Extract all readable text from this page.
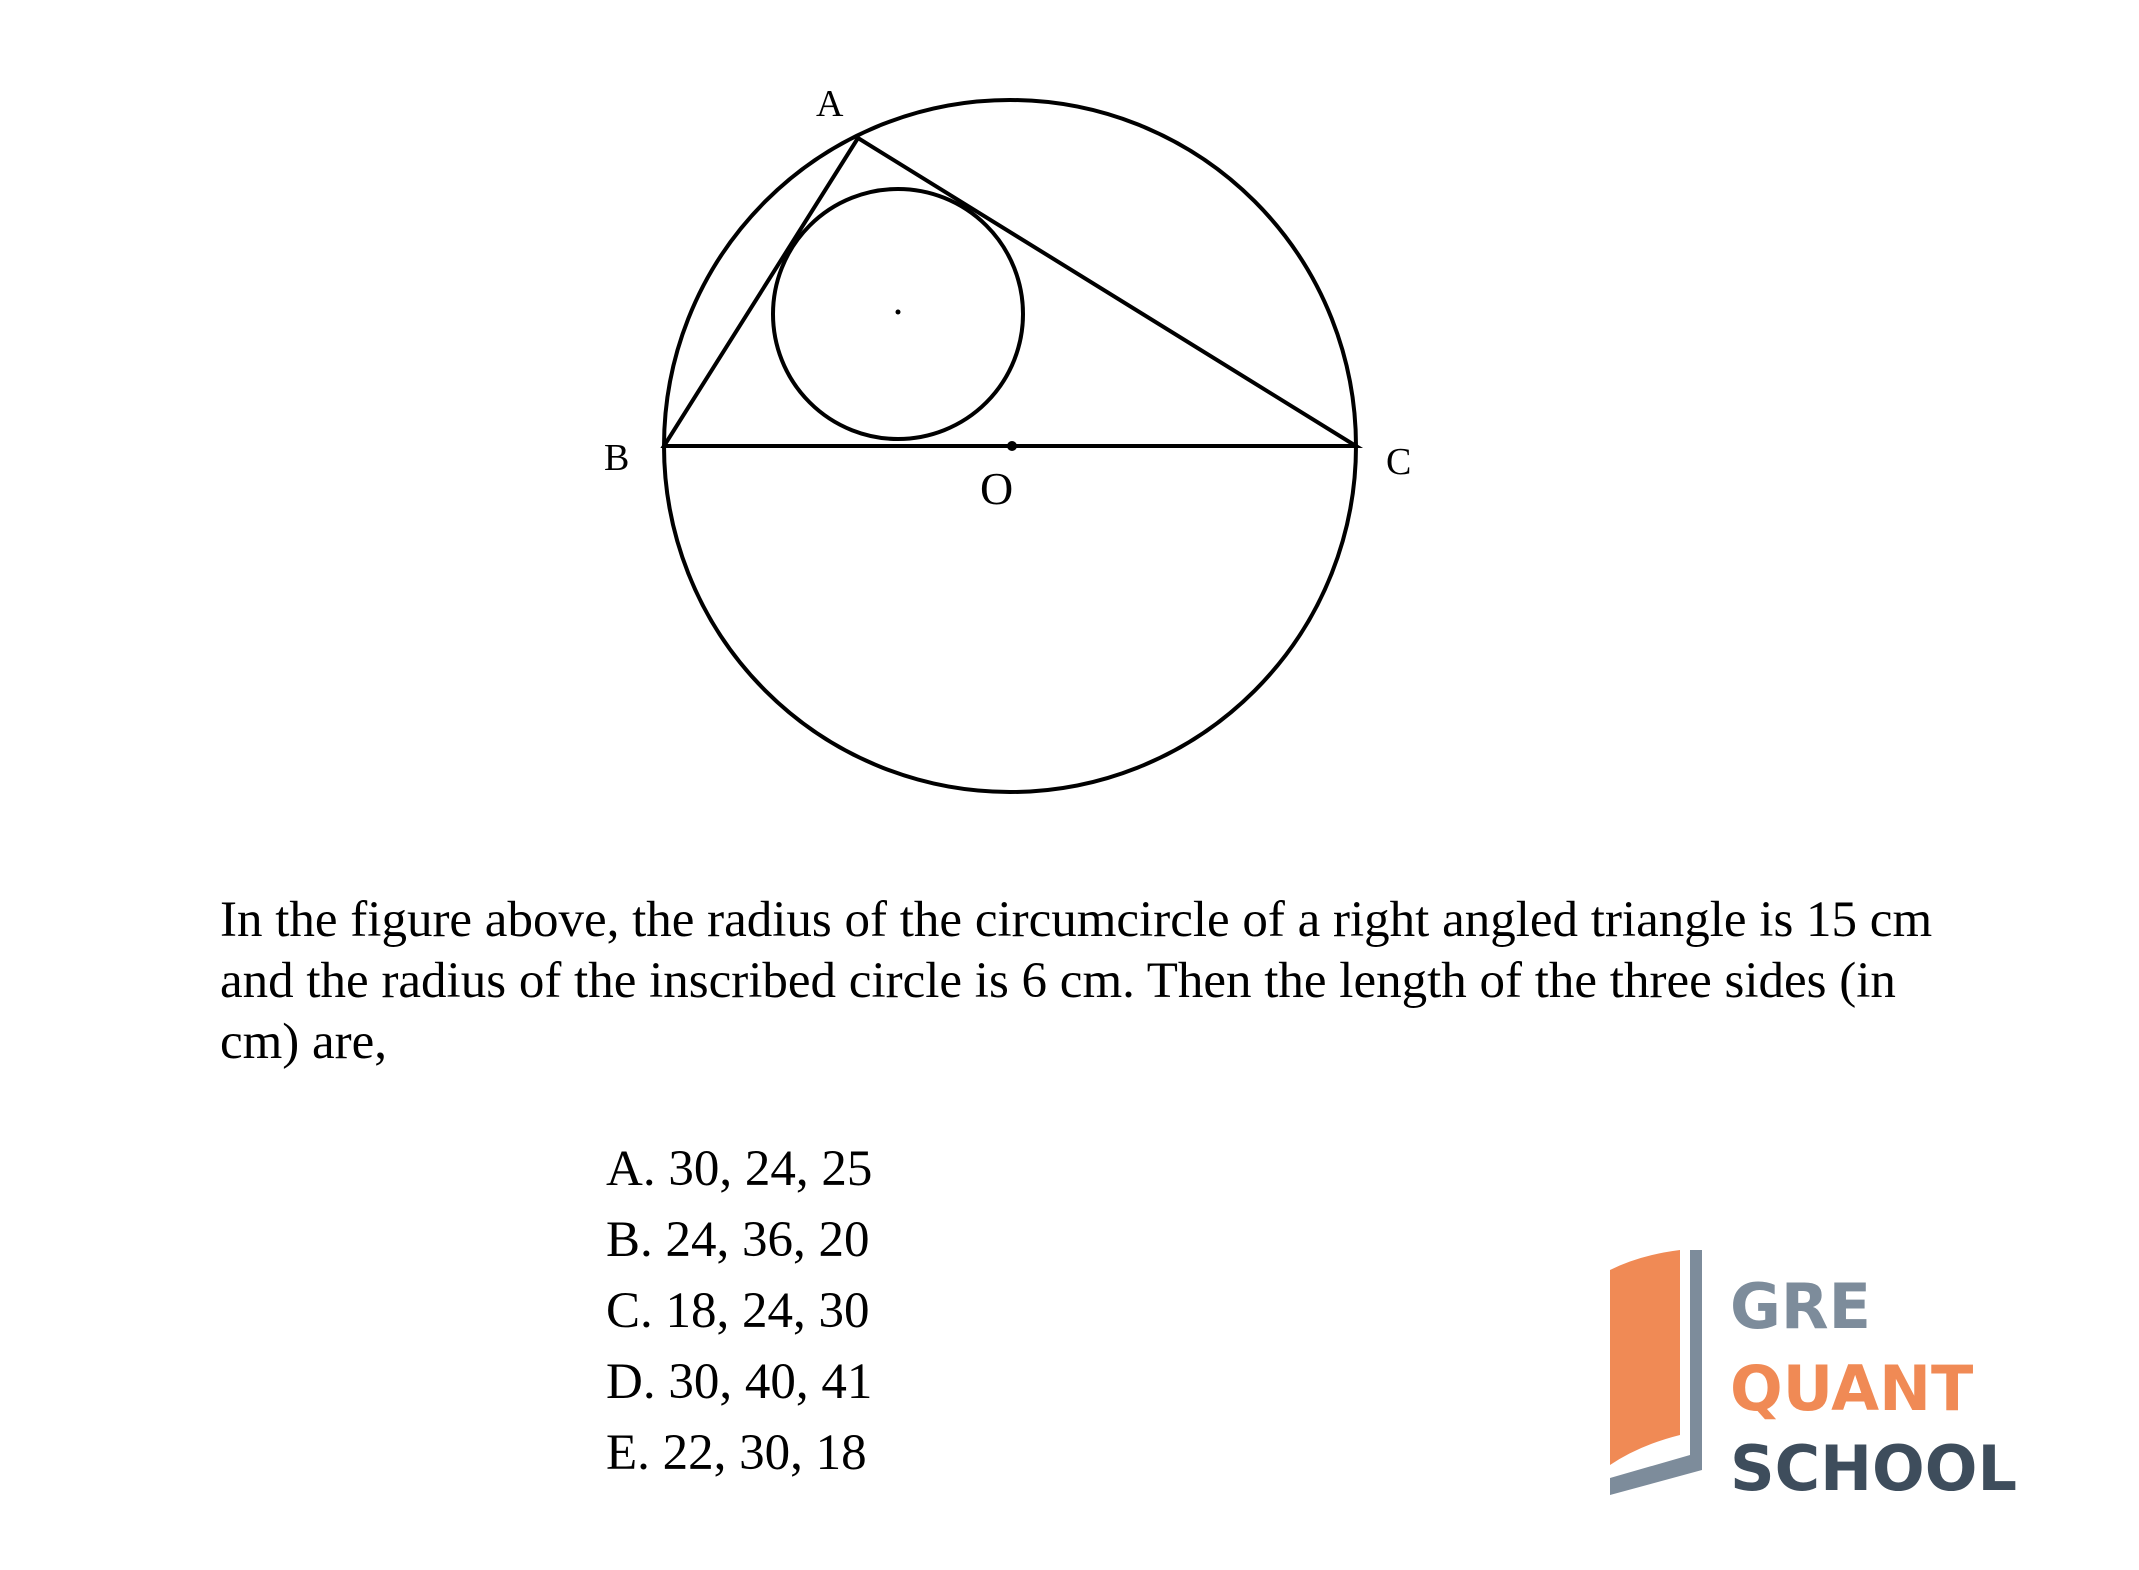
A
B	C
O

In the figure above, the radius of the circumcircle of a right angled triangle is 15 cm and the radius of the inscribed circle is 6 cm. Then the length of the three sides (in cm) are,

A. 30, 24, 25
B. 24, 36, 20
C. 18, 24, 30
D. 30, 40, 41
E. 22, 30, 18
GRE
QUANT
SCHOOL
